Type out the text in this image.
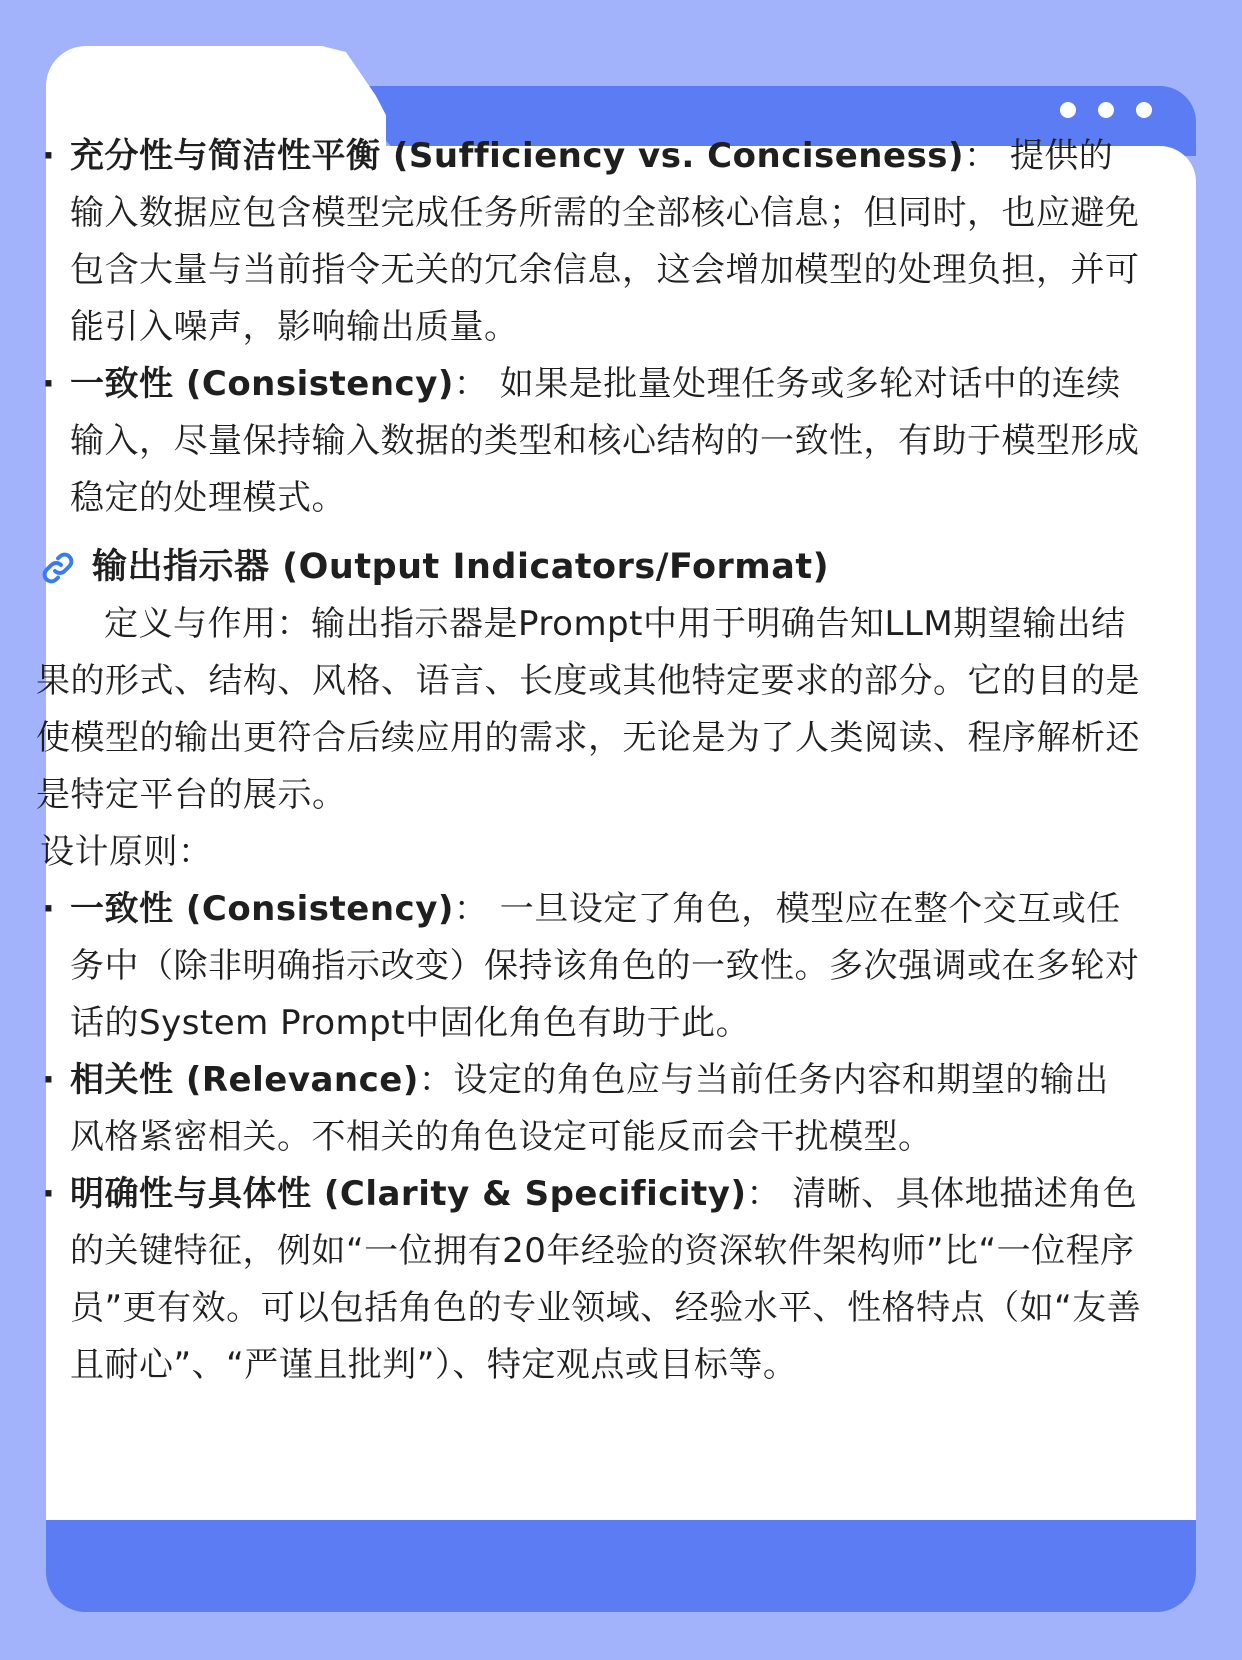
· 充分性与简洁性平衡 (Sufficiency vs. Conciseness)： 提供的输入数据应包含模型完成任务所需的全部核心信息；但同时，也应避免包含大量与当前指令无关的冗余信息，这会增加模型的处理负担，并可能引入噪声，影响输出质量。
· 一致性 (Consistency)： 如果是批量处理任务或多轮对话中的连续输入，尽量保持输入数据的类型和核心结构的一致性，有助于模型形成稳定的处理模式。
输出指示器 (Output Indicators/Format)
定义与作用：输出指示器是Prompt中用于明确告知LLM期望输出结果的形式、结构、风格、语言、长度或其他特定要求的部分。它的目的是使模型的输出更符合后续应用的需求，无论是为了人类阅读、程序解析还是特定平台的展示。
设计原则：
· 一致性 (Consistency)： 一旦设定了角色，模型应在整个交互或任务中（除非明确指示改变）保持该角色的一致性。多次强调或在多轮对话的System Prompt中固化角色有助于此。
· 相关性 (Relevance)：设定的角色应与当前任务内容和期望的输出风格紧密相关。不相关的角色设定可能反而会干扰模型。
· 明确性与具体性 (Clarity & Specificity)： 清晰、具体地描述角色的关键特征，例如“一位拥有20年经验的资深软件架构师”比“一位程序员”更有效。可以包括角色的专业领域、经验水平、性格特点（如“友善且耐心”、“严谨且批判”）、特定观点或目标等。
